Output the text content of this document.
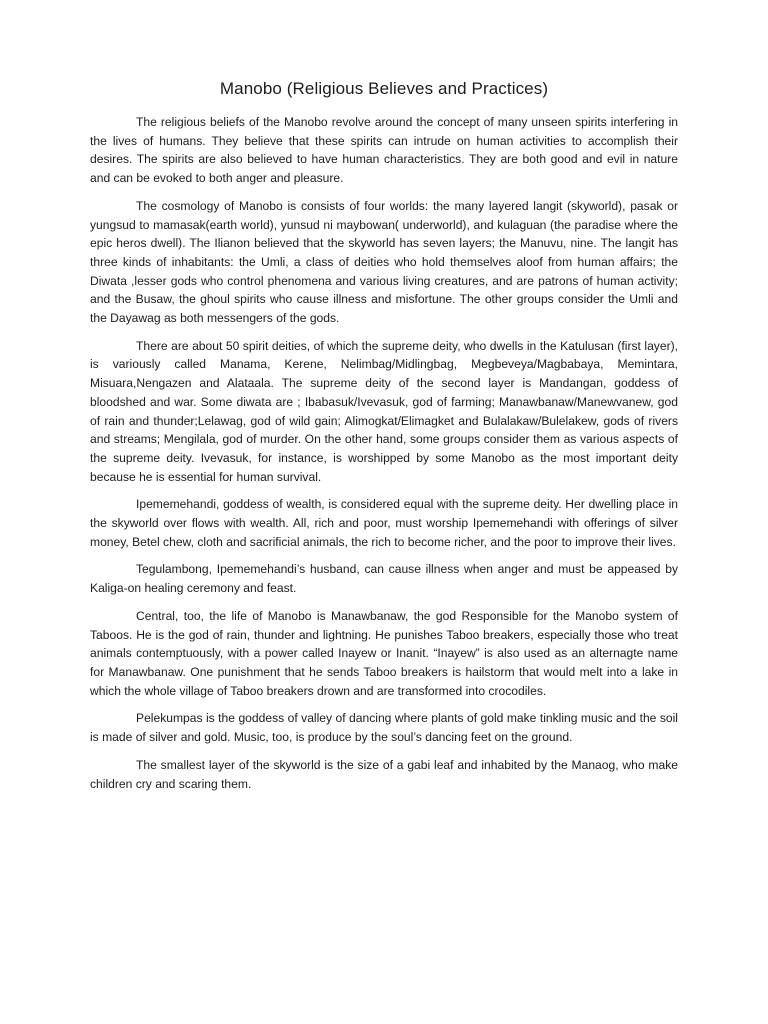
Manobo (Religious Believes and Practices)

The religious beliefs of the Manobo revolve around the concept of many unseen spirits interfering in the lives of humans. They believe that these spirits can intrude on human activities to accomplish their desires. The spirits are also believed to have human characteristics. They are both good and evil in nature and can be evoked to both anger and pleasure.

The cosmology of Manobo is consists of four worlds: the many layered langit (skyworld), pasak or yungsud to mamasak(earth world), yunsud ni maybowan( underworld), and kulaguan (the paradise where the epic heros dwell). The Ilianon believed that the skyworld has seven layers; the Manuvu, nine. The langit has three kinds of inhabitants: the Umli, a class of deities who hold themselves aloof from human affairs; the Diwata ,lesser gods who control phenomena and various living creatures, and are patrons of human activity; and the Busaw, the ghoul spirits who cause illness and misfortune. The other groups consider the Umli and the Dayawag as both messengers of the gods.

There are about 50 spirit deities, of which the supreme deity, who dwells in the Katulusan (first layer), is variously called Manama, Kerene, Nelimbag/Midlingbag, Megbeveya/Magbabaya, Memintara, Misuara,Nengazen and Alataala. The supreme deity of the second layer is Mandangan, goddess of bloodshed and war. Some diwata are ; Ibabasuk/Ivevasuk, god of farming; Manawbanaw/Manewvanew, god of rain and thunder;Lelawag, god of wild gain; Alimogkat/Elimagket and Bulalakaw/Bulelakew, gods of rivers and streams; Mengilala, god of murder. On the other hand, some groups consider them as various aspects of the supreme deity. Ivevasuk, for instance, is worshipped by some Manobo as the most important deity because he is essential for human survival.

Ipememehandi, goddess of wealth, is considered equal with the supreme deity. Her dwelling place in the skyworld over flows with wealth. All, rich and poor, must worship Ipememehandi with offerings of silver money, Betel chew, cloth and sacrificial animals, the rich to become richer, and the poor to improve their lives.

Tegulambong, Ipememehandi’s husband, can cause illness when anger and must be appeased by Kaliga-on healing ceremony and feast.

Central, too, the life of Manobo is Manawbanaw, the god Responsible for the Manobo system of Taboos. He is the god of rain, thunder and lightning. He punishes Taboo breakers, especially those who treat animals contemptuously, with a power called Inayew or Inanit. “Inayew” is also used as an alternagte name for Manawbanaw. One punishment that he sends Taboo breakers is hailstorm that would melt into a lake in which the whole village of Taboo breakers drown and are transformed into crocodiles.

Pelekumpas is the goddess of valley of dancing where plants of gold make tinkling music and the soil is made of silver and gold. Music, too, is produce by the soul’s dancing feet on the ground.

The smallest layer of the skyworld is the size of a gabi leaf and inhabited by the Manaog, who make children cry and scaring them.
